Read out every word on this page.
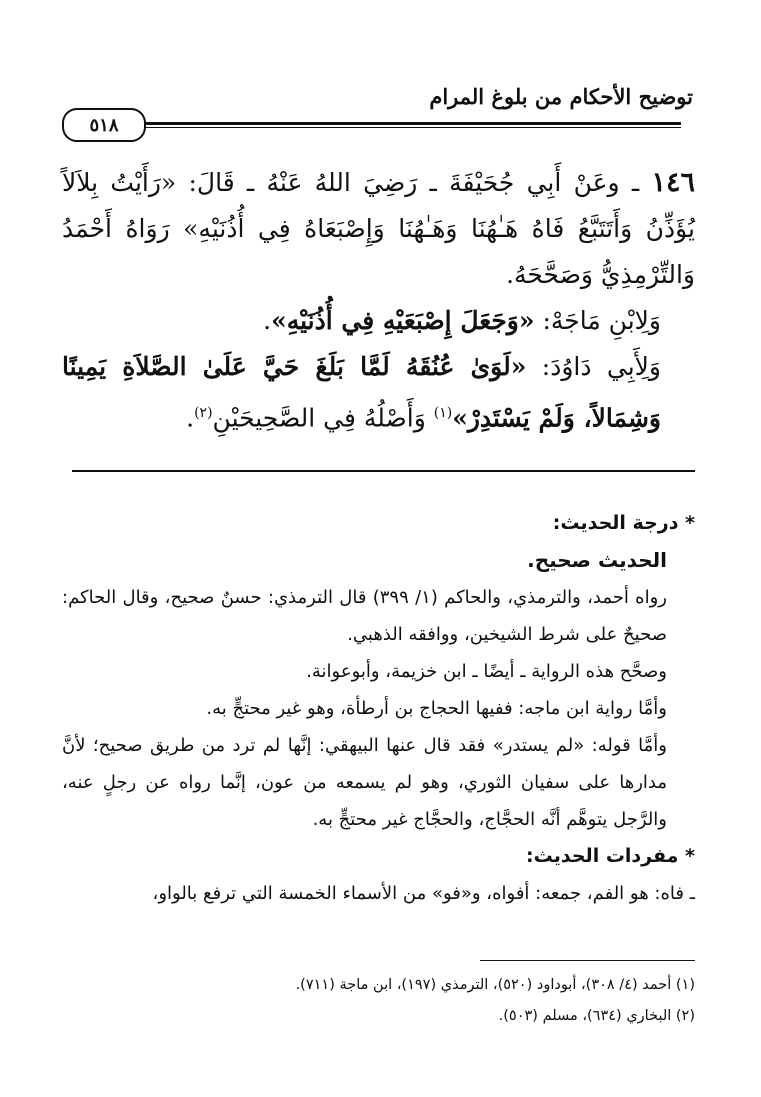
توضيح الأحكام من بلوغ المرام
٥١٨

١٤٦ ـ وعَنْ أَبِي جُحَيْفَةَ ـ رَضِيَ اللهُ عَنْهُ ـ قَالَ: «رَأَيْتُ بِلاَلاً يُؤَذِّنُ وَأَتَتَبَّعُ فَاهُ هَـٰهُنَا وَهَـٰهُنَا وَإِصْبَعَاهُ فِي أُذُنَيْهِ» رَوَاهُ أَحْمَدُ وَالتِّرْمِذِيُّ وَصَحَّحَهُ.

وَلِابْنِ مَاجَهْ: «وَجَعَلَ إِصْبَعَيْهِ فِي أُذُنَيْهِ».

وَلِأَبِي دَاوُدَ: «لَوَىٰ عُنُقَهُ لَمَّا بَلَغَ حَيَّ عَلَىٰ الصَّلاَةِ يَمِينًا وَشِمَالاً، وَلَمْ يَسْتَدِرْ»$^{(١)}$ وَأَصْلُهُ فِي الصَّحِيحَيْنِ$^{(٢)}$.

* درجة الحديث:

الحديث صحيح.

رواه أحمد، والترمذي، والحاكم (١/ ٣٩٩) قال الترمذي: حسنٌ صحيح، وقال الحاكم: صحيحٌ على شرط الشيخين، ووافقه الذهبي.

وصحَّح هذه الرواية ـ أيضًا ـ ابن خزيمة، وأبوعوانة.

وأمَّا رواية ابن ماجه: ففيها الحجاج بن أرطأة، وهو غير محتجٍّ به.

وأمَّا قوله: «لم يستدر» فقد قال عنها البيهقي: إنَّها لم ترد من طريق صحيح؛ لأنَّ مدارها على سفيان الثوري، وهو لم يسمعه من عون، إنَّما رواه عن رجلٍ عنه، والرَّجل يتوهَّم أنَّه الحجَّاج، والحجَّاج غير محتجٍّ به.

* مفردات الحديث:

ـ فاه: هو الفم، جمعه: أفواه، و«فو» من الأسماء الخمسة التي ترفع بالواو،

(١) أحمد (٤/ ٣٠٨)، أبوداود (٥٢٠)، الترمذي (١٩٧)، ابن ماجة (٧١١).

(٢) البخاري (٦٣٤)، مسلم (٥٠٣).
